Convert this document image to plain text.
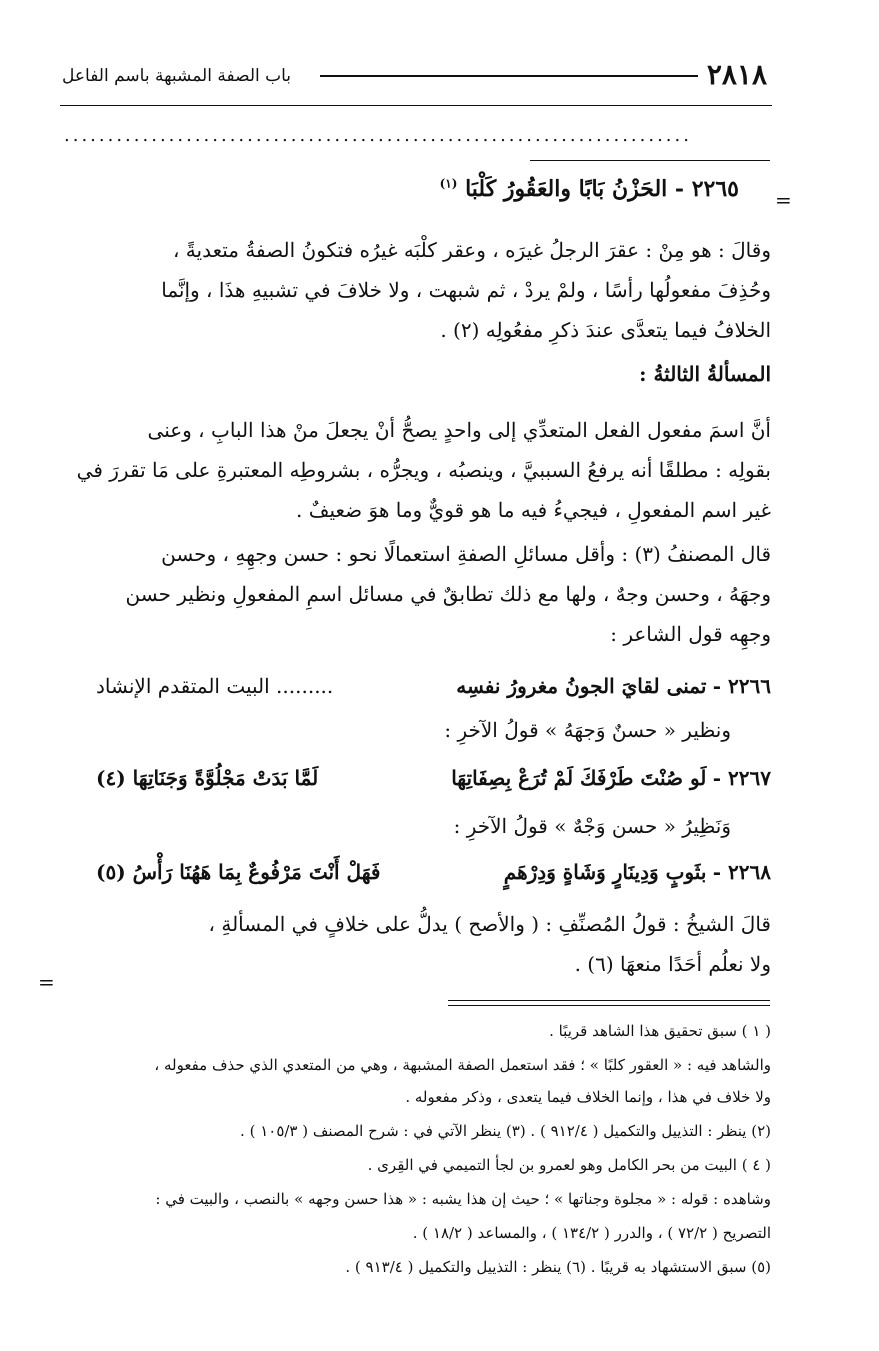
٢٨١٨
باب الصفة المشبهة باسم الفاعل
........................................................................
=
=
٢٢٦٥ - الحَزْنُ بَابًا والعَقُورُ كَلْبَا $^{(١)}$
وقالَ : هو مِنْ : عقرَ الرجلُ غيرَه ، وعقر كلْبَه غيرُه فتكونُ الصفةُ متعديةً ،
وحُذِفَ مفعولُها رأسًا ، ولمْ يردْ ، ثم شبهت ، ولا خلافَ في تشبيهِ هذَا ، وإنَّما
الخلافُ فيما يتعدَّى عندَ ذكرِ مفعُولِه (٢) .
المسألةُ الثالثةُ :
أنَّ اسمَ مفعول الفعل المتعدِّي إلى واحدٍ يصحُّ أنْ يجعلَ منْ هذا البابِ ، وعنى
بقولِه : مطلقًا أنه يرفعُ السببيَّ ، وينصبُه ، ويجرُّه ، بشروطِه المعتبرةِ على مَا تقررَ في
غير اسم المفعولِ ، فيجيءُ فيه ما هو قويٌّ وما هوَ ضعيفٌ .
قال المصنفُ (٣) : وأقل مسائلِ الصفةِ استعمالًا نحو : حسن وجهِهِ ، وحسن
وجهَهُ ، وحسن وجهٌ ، ولها مع ذلك تطابقٌ في مسائل اسمِ المفعولِ ونظير حسن
وجهِه قول الشاعر :
٢٢٦٦ - تمنى لقايَ الجونُ مغرورُ نفسِه
......... البيت المتقدم الإنشاد
ونظير « حسنٌ وَجهَهُ » قولُ الآخرِ :
٢٢٦٧ - لَو صُنْتَ طَرْفَكَ لَمْ تُرَعْ بِصِفَاتِهَا
لَمَّا بَدَتْ مَجْلُوَّةً وَجَنَاتِهَا (٤)
وَنَظِيرُ « حسن وَجْهٌ » قولُ الآخرِ :
٢٢٦٨ - بثَوبٍ وَدِينَارٍ وَشَاةٍ وَدِرْهَمٍ
فَهَلْ أَنْتَ مَرْفُوعٌ بِمَا هَهُنَا رَأْسُ (٥)
قالَ الشيخُ : قولُ المُصنِّفِ : ( والأصح ) يدلُّ على خلافٍ في المسألةِ ،
ولا نعلُم أحَدًا منعهَا (٦) .
( ١ ) سبق تحقيق هذا الشاهد قريبًا .
والشاهد فيه : « العقور كلبًا » ؛ فقد استعمل الصفة المشبهة ، وهي من المتعدي الذي حذف مفعوله ،
ولا خلاف في هذا ، وإنما الخلاف فيما يتعدى ، وذكر مفعوله .
(٢) ينظر : التذييل والتكميل ( ٩١٢/٤ ) . (٣) ينظر الآتي في : شرح المصنف ( ١٠٥/٣ ) .
( ٤ ) البيت من بحر الكامل وهو لعمرو بن لجأ التميمي في القِرى .
وشاهده : قوله : « مجلوة وجناتها » ؛ حيث إن هذا يشبه : « هذا حسن وجهه » بالنصب ، والبيت في :
التصريح ( ٧٢/٢ ) ، والدرر ( ١٣٤/٢ ) ، والمساعد ( ١٨/٢ ) .
(٥) سبق الاستشهاد به قريبًا . (٦) ينظر : التذييل والتكميل ( ٩١٣/٤ ) .
